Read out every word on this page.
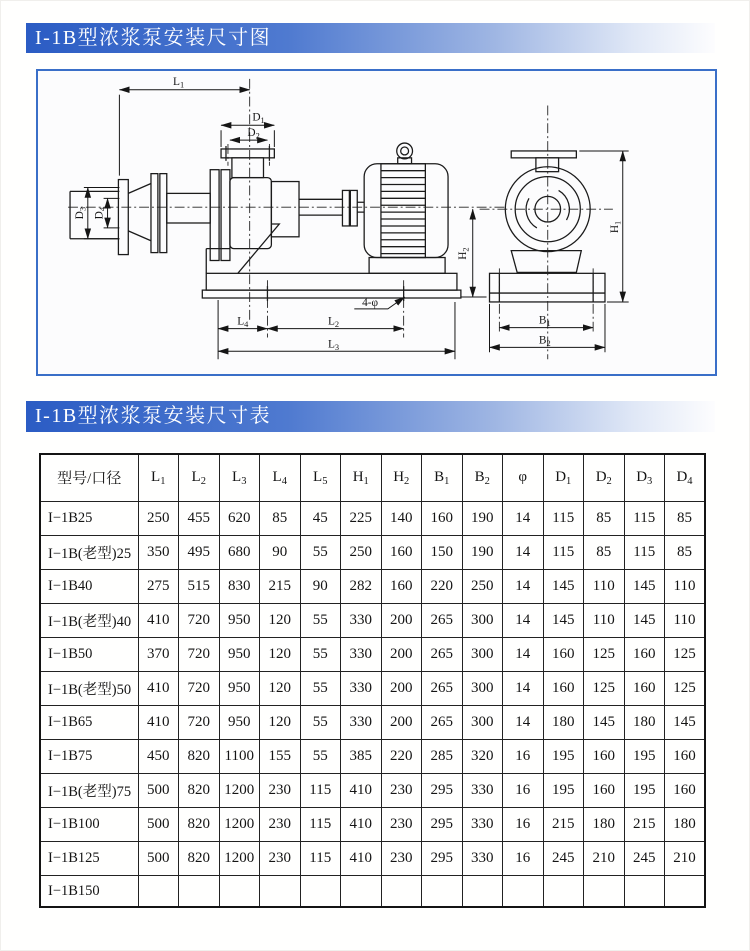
I-1B型浓浆泵安装尺寸图
$L_1$
$D_1$
$D_2$
$D_3$
$D_4$
$L_4$	$L_2$
$L_3$
$H_1$
$H_2$
$B_1$
$B_2$
4-φ
I-1B型浓浆泵安装尺寸表
型号/口径	$L_1$	$L_2$	$L_3$	$L_4$	$L_5$	$H_1$	$H_2$	$B_1$	$B_2$	φ	$D_1$	$D_2$	$D_3$	$D_4$
I−1B25	250	455	620	85	45	225	140	160	190	14	115	85	115	85
I−1B(老型)25	350	495	680	90	55	250	160	150	190	14	115	85	115	85
I−1B40	275	515	830	215	90	282	160	220	250	14	145	110	145	110
I−1B(老型)40	410	720	950	120	55	330	200	265	300	14	145	110	145	110
I−1B50	370	720	950	120	55	330	200	265	300	14	160	125	160	125
I−1B(老型)50	410	720	950	120	55	330	200	265	300	14	160	125	160	125
I−1B65	410	720	950	120	55	330	200	265	300	14	180	145	180	145
I−1B75	450	820	1100	155	55	385	220	285	320	16	195	160	195	160
I−1B(老型)75	500	820	1200	230	115	410	230	295	330	16	195	160	195	160
I−1B100	500	820	1200	230	115	410	230	295	330	16	215	180	215	180
I−1B125	500	820	1200	230	115	410	230	295	330	16	245	210	245	210
I−1B150														
